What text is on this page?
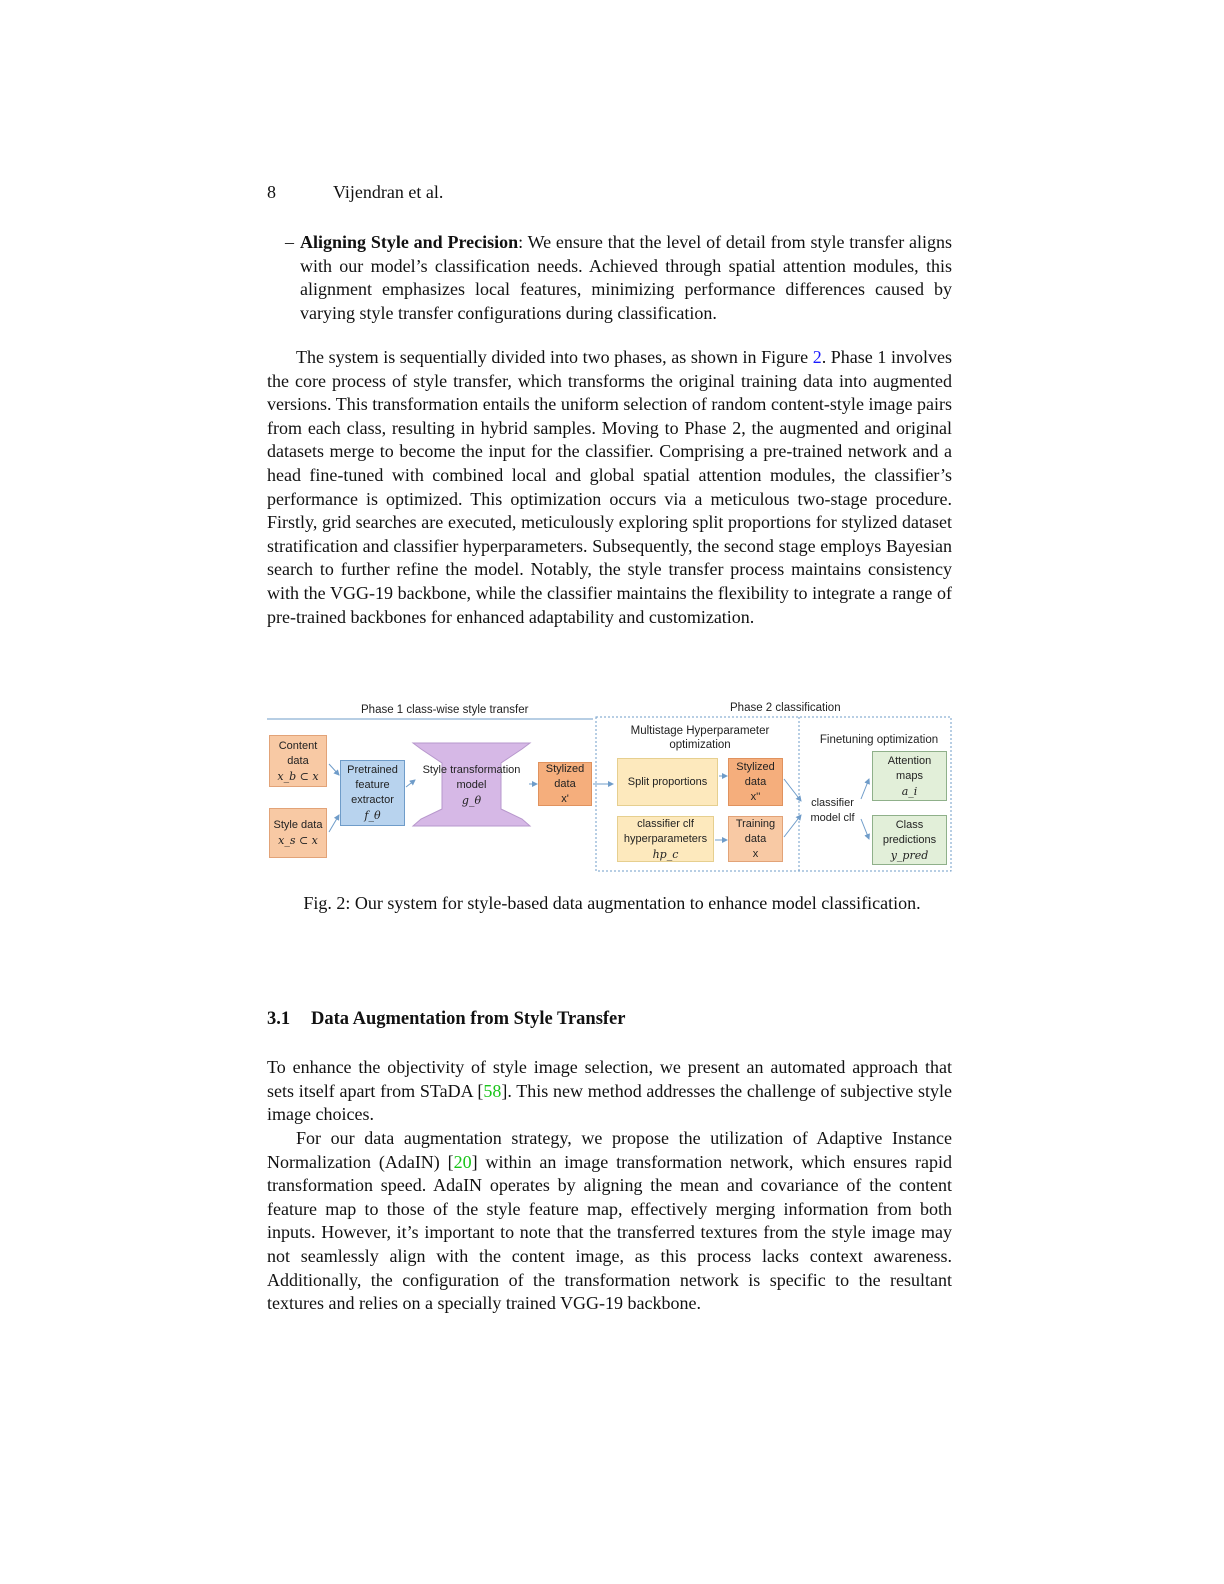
8	Vijendran et al.
– Aligning Style and Precision: We ensure that the level of detail from style transfer aligns with our model’s classification needs. Achieved through spatial attention modules, this alignment emphasizes local features, minimizing performance differences caused by varying style transfer configurations during classification.
The system is sequentially divided into two phases, as shown in Figure 2. Phase 1 involves the core process of style transfer, which transforms the original training data into augmented versions. This transformation entails the uniform selection of random content-style image pairs from each class, resulting in hybrid samples. Moving to Phase 2, the augmented and original datasets merge to become the input for the classifier. Comprising a pre-trained network and a head fine-tuned with combined local and global spatial attention modules, the classifier’s performance is optimized. This optimization occurs via a meticulous two-stage procedure. Firstly, grid searches are executed, meticulously exploring split proportions for stylized dataset stratification and classifier hyperparameters. Subsequently, the second stage employs Bayesian search to further refine the model. Notably, the style transfer process maintains consistency with the VGG-19 backbone, while the classifier maintains the flexibility to integrate a range of pre-trained backbones for enhanced adaptability and customization.
Phase 1 class-wise style transfer	Phase 2 classification
Multistage Hyperparameter optimization	Finetuning optimization
Content data
x_b ⊂ x
Style data
x_s ⊂ x
Pretrained feature extractor
f_θ
Style transformation model
g_θ
Stylized data
x'
Split proportions
Stylized data
x''
classifier clf hyperparameters
hp_c
Training data
x
classifier model clf
Attention maps
a_i
Class predictions
y_pred
Fig. 2: Our system for style-based data augmentation to enhance model classification.
3.1 Data Augmentation from Style Transfer
To enhance the objectivity of style image selection, we present an automated approach that sets itself apart from STaDA [58]. This new method addresses the challenge of subjective style image choices.
For our data augmentation strategy, we propose the utilization of Adaptive Instance Normalization (AdaIN) [20] within an image transformation network, which ensures rapid transformation speed. AdaIN operates by aligning the mean and covariance of the content feature map to those of the style feature map, effectively merging information from both inputs. However, it’s important to note that the transferred textures from the style image may not seamlessly align with the content image, as this process lacks context awareness. Additionally, the configuration of the transformation network is specific to the resultant textures and relies on a specially trained VGG-19 backbone.
